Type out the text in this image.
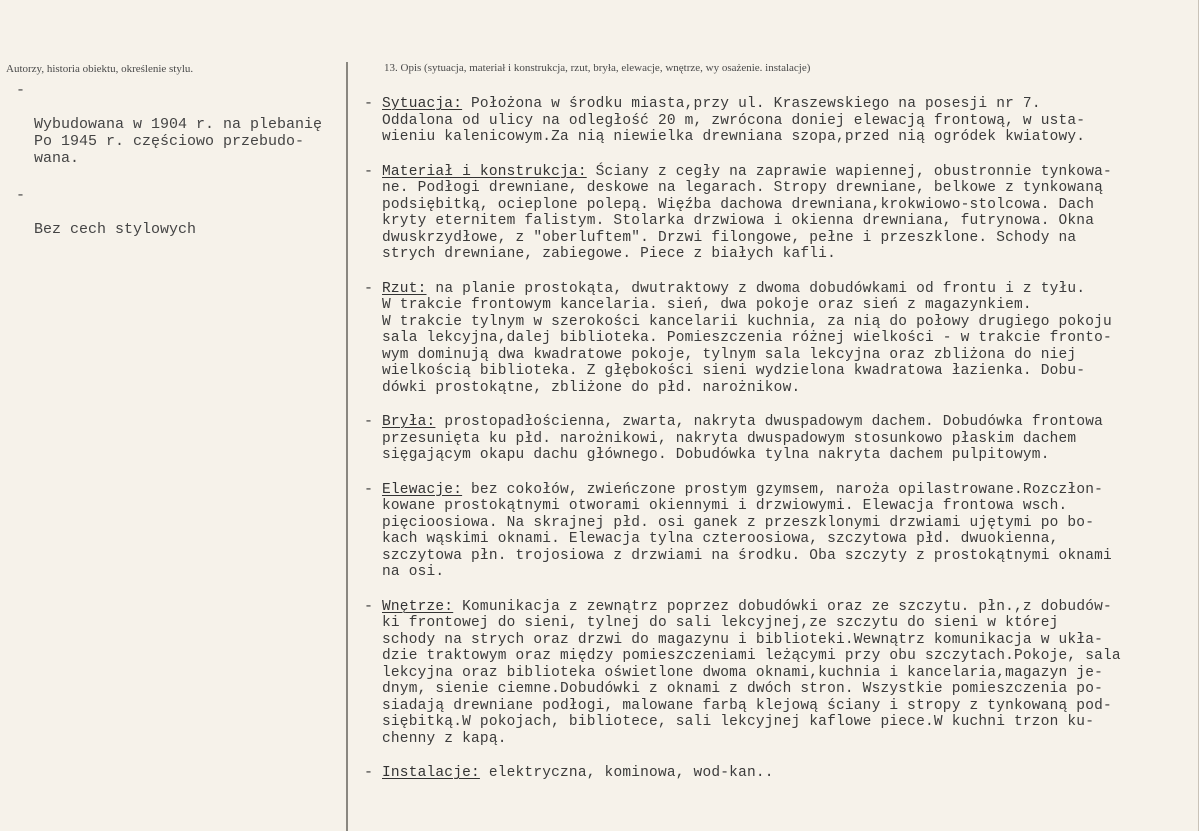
Autorzy, historia obiektu, określenie stylu.	13. Opis (sytuacja, materiał i konstrukcja, rzut, bryła, elewacje, wnętrze, wy osażenie. instalacje)

-

Wybudowana w 1904 r. na plebanię
Po 1945 r. częściowo przebudo-
wana.

-

Bez cech stylowych

- Sytuacja: Położona w środku miasta,przy ul. Kraszewskiego na posesji nr 7.
Oddalona od ulicy na odległość 20 m, zwrócona doniej elewacją frontową, w usta-
wieniu kalenicowym.Za nią niewielka drewniana szopa,przed nią ogródek kwiatowy.
- Materiał i konstrukcja: Ściany z cegły na zaprawie wapiennej, obustronnie tynkowa-
ne. Podłogi drewniane, deskowe na legarach. Stropy drewniane, belkowe z tynkowaną
podsiębitką, ocieplone polepą. Więźba dachowa drewniana,krokwiowo-stolcowa. Dach
kryty eternitem falistym. Stolarka drzwiowa i okienna drewniana, futrynowa. Okna
dwuskrzydłowe, z "oberluftem". Drzwi filongowe, pełne i przeszklone. Schody na
strych drewniane, zabiegowe. Piece z białych kafli.
- Rzut: na planie prostokąta, dwutraktowy z dwoma dobudówkami od frontu i z tyłu.
W trakcie frontowym kancelaria. sień, dwa pokoje oraz sień z magazynkiem.
W trakcie tylnym w szerokości kancelarii kuchnia, za nią do połowy drugiego pokoju
sala lekcyjna,dalej biblioteka. Pomieszczenia różnej wielkości - w trakcie fronto-
wym dominują dwa kwadratowe pokoje, tylnym sala lekcyjna oraz zbliżona do niej
wielkością biblioteka. Z głębokości sieni wydzielona kwadratowa łazienka. Dobu-
dówki prostokątne, zbliżone do płd. narożnikow.
- Bryła: prostopadłościenna, zwarta, nakryta dwuspadowym dachem. Dobudówka frontowa
przesunięta ku płd. narożnikowi, nakryta dwuspadowym stosunkowo płaskim dachem
sięgającym okapu dachu głównego. Dobudówka tylna nakryta dachem pulpitowym.
- Elewacje: bez cokołów, zwieńczone prostym gzymsem, naroża opilastrowane.Rozczłon-
kowane prostokątnymi otworami okiennymi i drzwiowymi. Elewacja frontowa wsch.
pięcioosiowa. Na skrajnej płd. osi ganek z przeszklonymi drzwiami ujętymi po bo-
kach wąskimi oknami. Elewacja tylna czteroosiowa, szczytowa płd. dwuokienna,
szczytowa płn. trojosiowa z drzwiami na środku. Oba szczyty z prostokątnymi oknami
na osi.
- Wnętrze: Komunikacja z zewnątrz poprzez dobudówki oraz ze szczytu. płn.,z dobudów-
ki frontowej do sieni, tylnej do sali lekcyjnej,ze szczytu do sieni w której
schody na strych oraz drzwi do magazynu i biblioteki.Wewnątrz komunikacja w ukła-
dzie traktowym oraz między pomieszczeniami leżącymi przy obu szczytach.Pokoje, sala
lekcyjna oraz biblioteka oświetlone dwoma oknami,kuchnia i kancelaria,magazyn je-
dnym, sienie ciemne.Dobudówki z oknami z dwóch stron. Wszystkie pomieszczenia po-
siadają drewniane podłogi, malowane farbą klejową ściany i stropy z tynkowaną pod-
siębitką.W pokojach, bibliotece, sali lekcyjnej kaflowe piece.W kuchni trzon ku-
chenny z kapą.
- Instalacje: elektryczna, kominowa, wod-kan..
